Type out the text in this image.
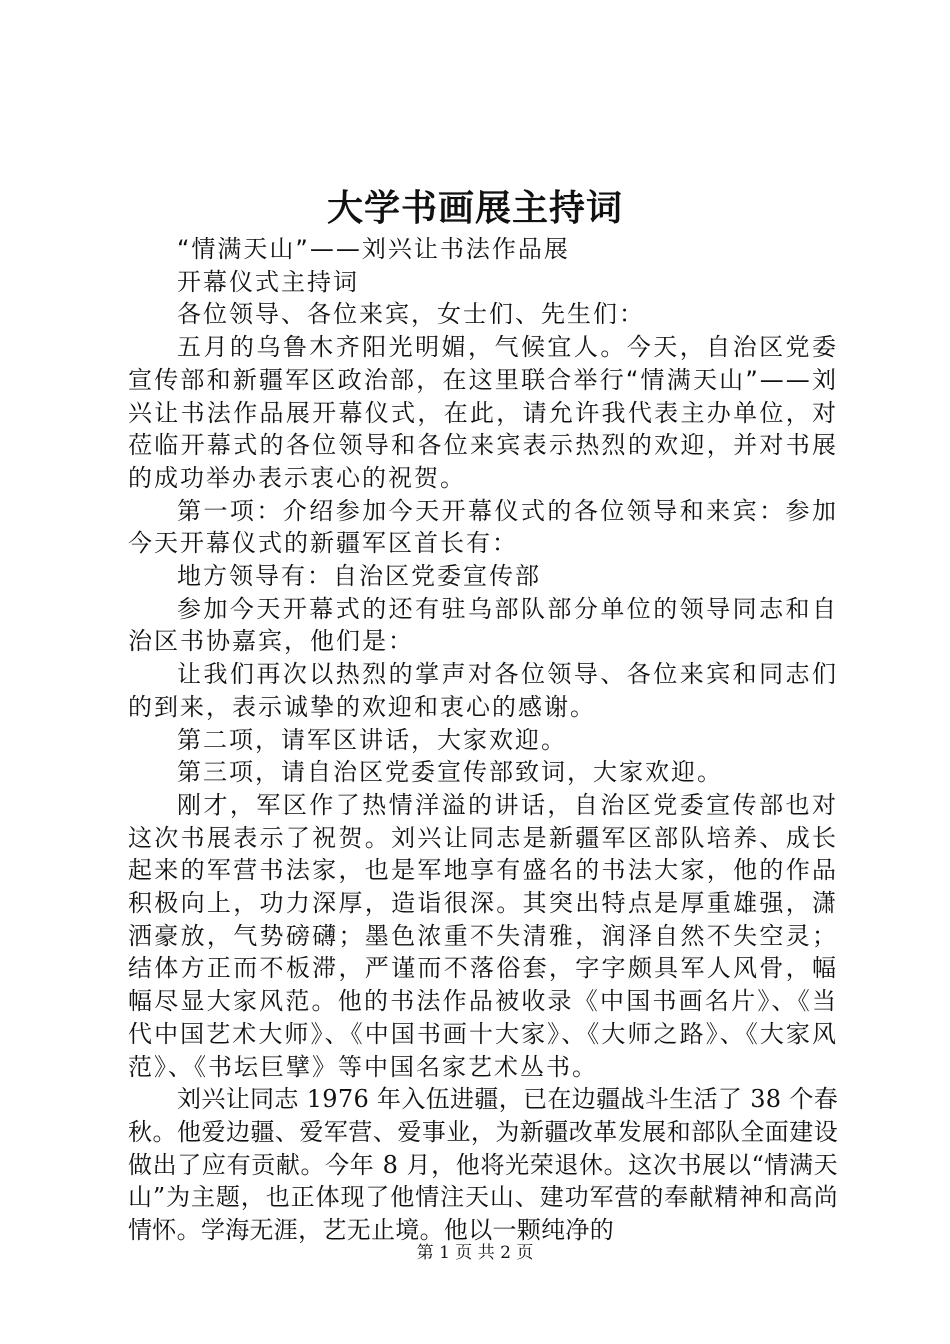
大学书画展主持词

“情满天山”——刘兴让书法作品展

开幕仪式主持词

各位领导、各位来宾，女士们、先生们：

五月的乌鲁木齐阳光明媚，气候宜人。今天，自治区党委宣传部和新疆军区政治部，在这里联合举行“情满天山”——刘兴让书法作品展开幕仪式，在此，请允许我代表主办单位，对莅临开幕式的各位领导和各位来宾表示热烈的欢迎，并对书展的成功举办表示衷心的祝贺。

第一项：介绍参加今天开幕仪式的各位领导和来宾：参加今天开幕仪式的新疆军区首长有：

地方领导有：自治区党委宣传部

参加今天开幕式的还有驻乌部队部分单位的领导同志和自治区书协嘉宾，他们是：

让我们再次以热烈的掌声对各位领导、各位来宾和同志们的到来，表示诚挚的欢迎和衷心的感谢。

第二项，请军区讲话，大家欢迎。

第三项，请自治区党委宣传部致词，大家欢迎。

刚才，军区作了热情洋溢的讲话，自治区党委宣传部也对这次书展表示了祝贺。刘兴让同志是新疆军区部队培养、成长起来的军营书法家，也是军地享有盛名的书法大家，他的作品积极向上，功力深厚，造诣很深。其突出特点是厚重雄强，潇洒豪放，气势磅礴；墨色浓重不失清雅，润泽自然不失空灵；结体方正而不板滞，严谨而不落俗套，字字颇具军人风骨，幅幅尽显大家风范。他的书法作品被收录《中国书画名片》、《当代中国艺术大师》、《中国书画十大家》、《大师之路》、《大家风范》、《书坛巨擘》等中国名家艺术丛书。

刘兴让同志 1976 年入伍进疆，已在边疆战斗生活了 38 个春秋。他爱边疆、爱军营、爱事业，为新疆改革发展和部队全面建设做出了应有贡献。今年 8 月，他将光荣退休。这次书展以“情满天山”为主题，也正体现了他情注天山、建功军营的奉献精神和高尚情怀。学海无涯，艺无止境。他以一颗纯净的

第 1 页 共 2 页
